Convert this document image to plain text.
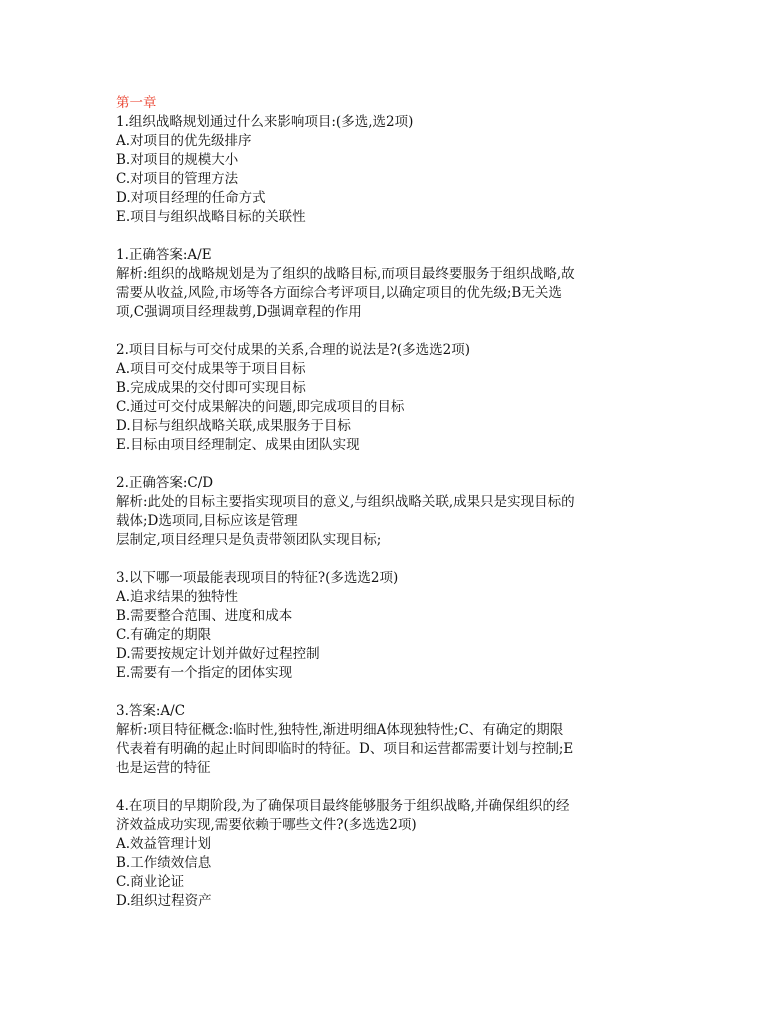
第一章
1.组织战略规划通过什么来影响项目:(多选,选2项)
A.对项目的优先级排序
B.对项目的规模大小
C.对项目的管理方法
D.对项目经理的任命方式
E.项目与组织战略目标的关联性
1.正确答案:A/E
解析:组织的战略规划是为了组织的战略目标,而项目最终要服务于组织战略,故
需要从收益,风险,市场等各方面综合考评项目,以确定项目的优先级;B无关选
项,C强调项目经理裁剪,D强调章程的作用
2.项目目标与可交付成果的关系,合理的说法是?(多选选2项)
A.项目可交付成果等于项目目标
B.完成成果的交付即可实现目标
C.通过可交付成果解决的问题,即完成项目的目标
D.目标与组织战略关联,成果服务于目标
E.目标由项目经理制定、成果由团队实现
2.正确答案:C/D
解析:此处的目标主要指实现项目的意义,与组织战略关联,成果只是实现目标的
载体;D选项同,目标应该是管理
层制定,项目经理只是负责带领团队实现目标;
3.以下哪一项最能表现项目的特征?(多选选2项)
A.追求结果的独特性
B.需要整合范围、进度和成本
C.有确定的期限
D.需要按规定计划并做好过程控制
E.需要有一个指定的团体实现
3.答案:A/C
解析:项目特征概念:临时性,独特性,渐进明细A体现独特性;C、有确定的期限
代表着有明确的起止时间即临时的特征。D、项目和运营都需要计划与控制;E
也是运营的特征
4.在项目的早期阶段,为了确保项目最终能够服务于组织战略,并确保组织的经
济效益成功实现,需要依赖于哪些文件?(多选选2项)
A.效益管理计划
B.工作绩效信息
C.商业论证
D.组织过程资产
